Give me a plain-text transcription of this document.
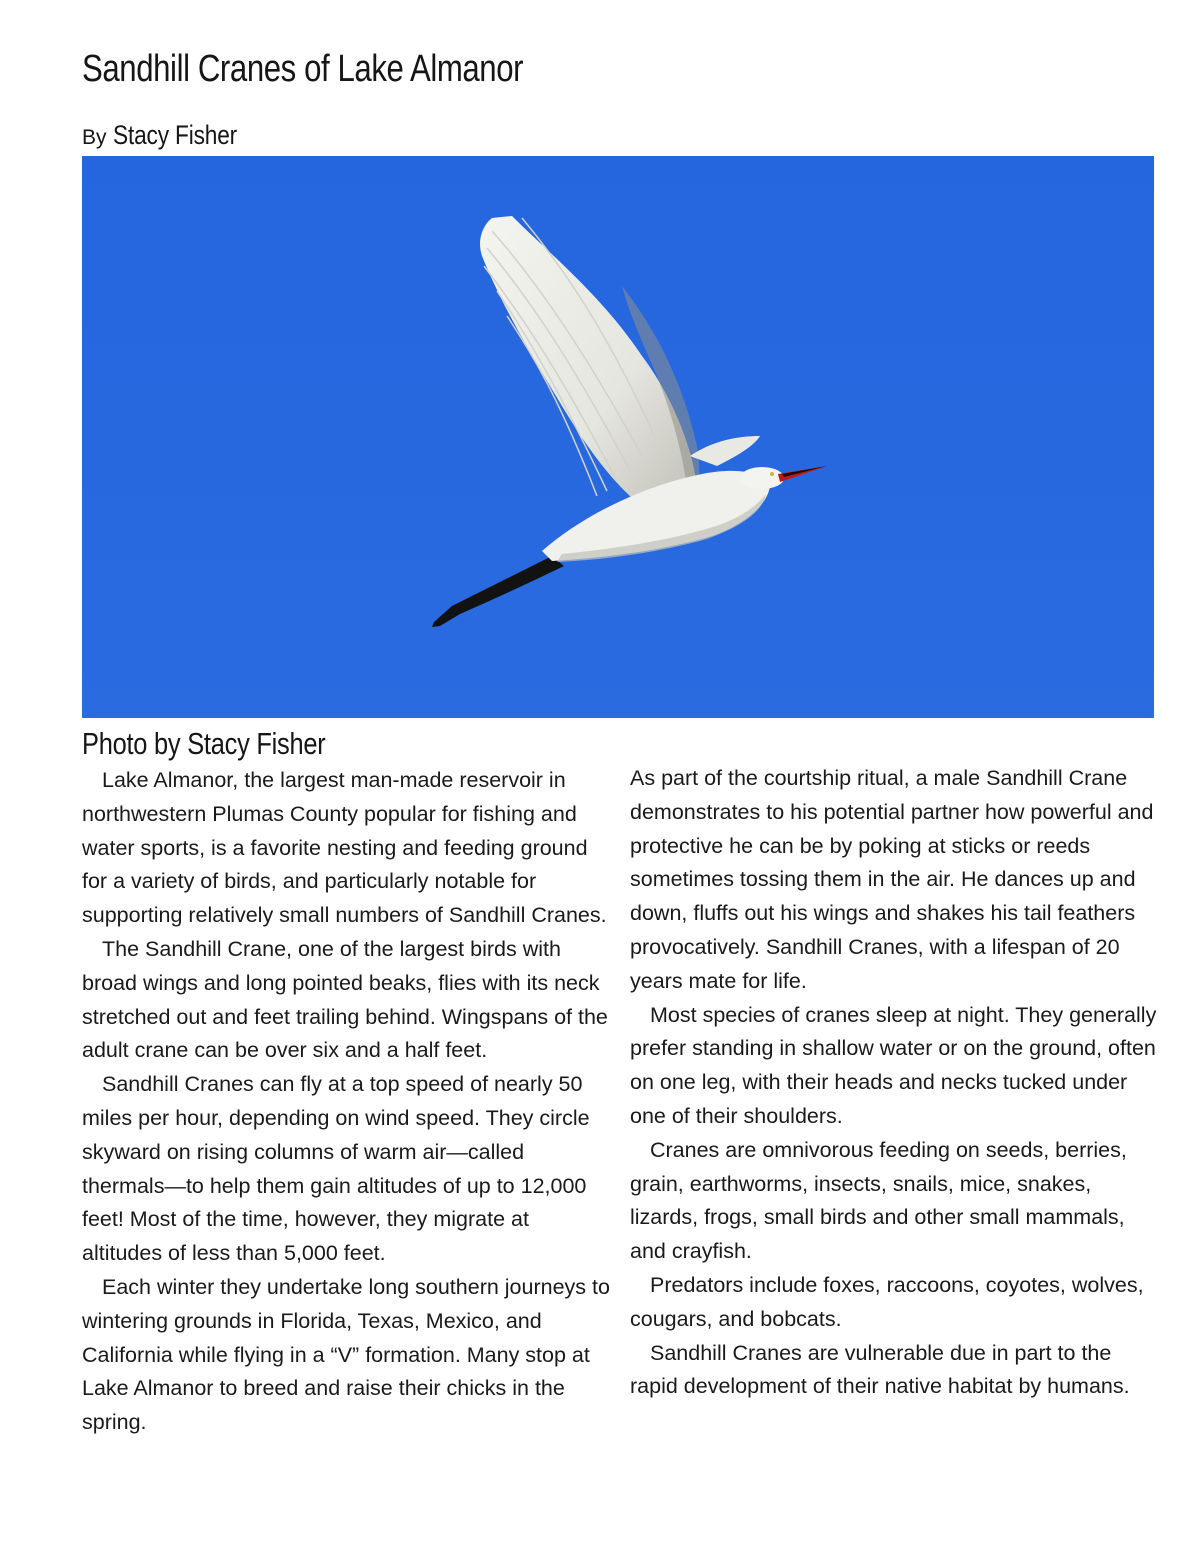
Sandhill Cranes of Lake Almanor
By Stacy Fisher
Photo by Stacy Fisher

Lake Almanor, the largest man-made reservoir in northwestern Plumas County popular for fishing and water sports, is a favorite nesting and feeding ground for a variety of birds, and particularly notable for supporting relatively small numbers of Sandhill Cranes.

The Sandhill Crane, one of the largest birds with broad wings and long pointed beaks, flies with its neck stretched out and feet trailing behind. Wingspans of the adult crane can be over six and a half feet.

Sandhill Cranes can fly at a top speed of nearly 50 miles per hour, depending on wind speed. They circle skyward on rising columns of warm air—called thermals—to help them gain altitudes of up to 12,000 feet! Most of the time, however, they migrate at altitudes of less than 5,000 feet.

Each winter they undertake long southern journeys to wintering grounds in Florida, Texas, Mexico, and California while flying in a “V” formation. Many stop at Lake Almanor to breed and raise their chicks in the spring.

As part of the courtship ritual, a male Sandhill Crane demonstrates to his potential partner how powerful and protective he can be by poking at sticks or reeds sometimes tossing them in the air. He dances up and down, fluffs out his wings and shakes his tail feathers provocatively. Sandhill Cranes, with a lifespan of 20 years mate for life.

Most species of cranes sleep at night. They generally prefer standing in shallow water or on the ground, often on one leg, with their heads and necks tucked under one of their shoulders.

Cranes are omnivorous feeding on seeds, berries, grain, earthworms, insects, snails, mice, snakes, lizards, frogs, small birds and other small mammals, and crayfish.

Predators include foxes, raccoons, coyotes, wolves, cougars, and bobcats.

Sandhill Cranes are vulnerable due in part to the rapid development of their native habitat by humans.
